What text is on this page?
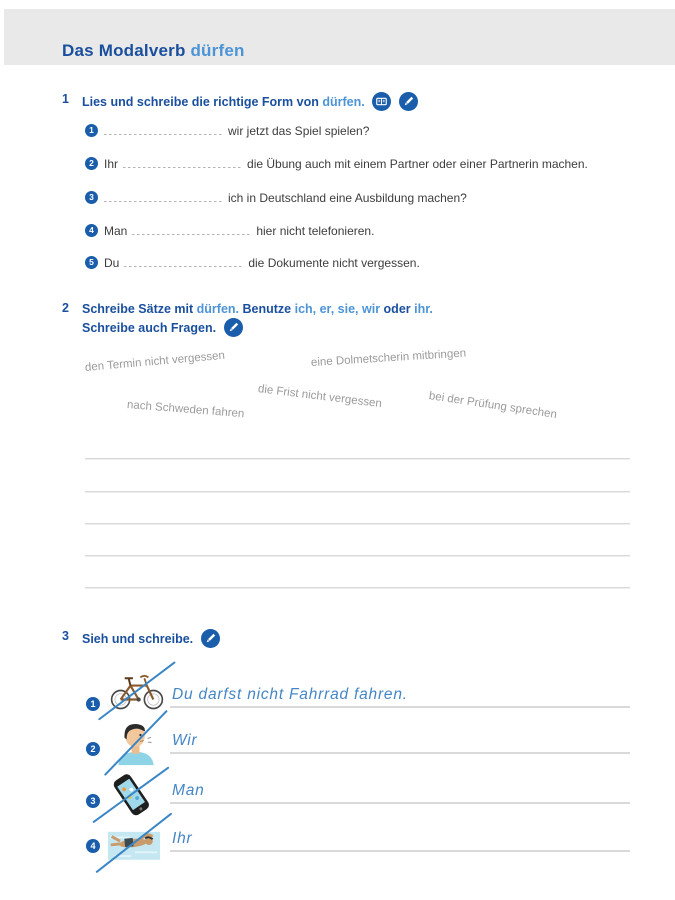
Das Modalverb dürfen
1	Lies und schreibe die richtige Form von dürfen.
1	wir jetzt das Spiel spielen?
2 Ihr	die Übung auch mit einem Partner oder einer Partnerin machen.
3	ich in Deutschland eine Ausbildung machen?
4 Man	hier nicht telefonieren.
5 Du	die Dokumente nicht vergessen.
2	Schreibe Sätze mit dürfen. Benutze ich, er, sie, wir oder ihr.
Schreibe auch Fragen.
den Termin nicht vergessen	eine Dolmetscherin mitbringen
die Frist nicht vergessen
nach Schweden fahren	bei der Prüfung sprechen
3	Sieh und schreibe.
1
Du darfst nicht Fahrrad fahren.
2	Wir
3
Man
4	Ihr
